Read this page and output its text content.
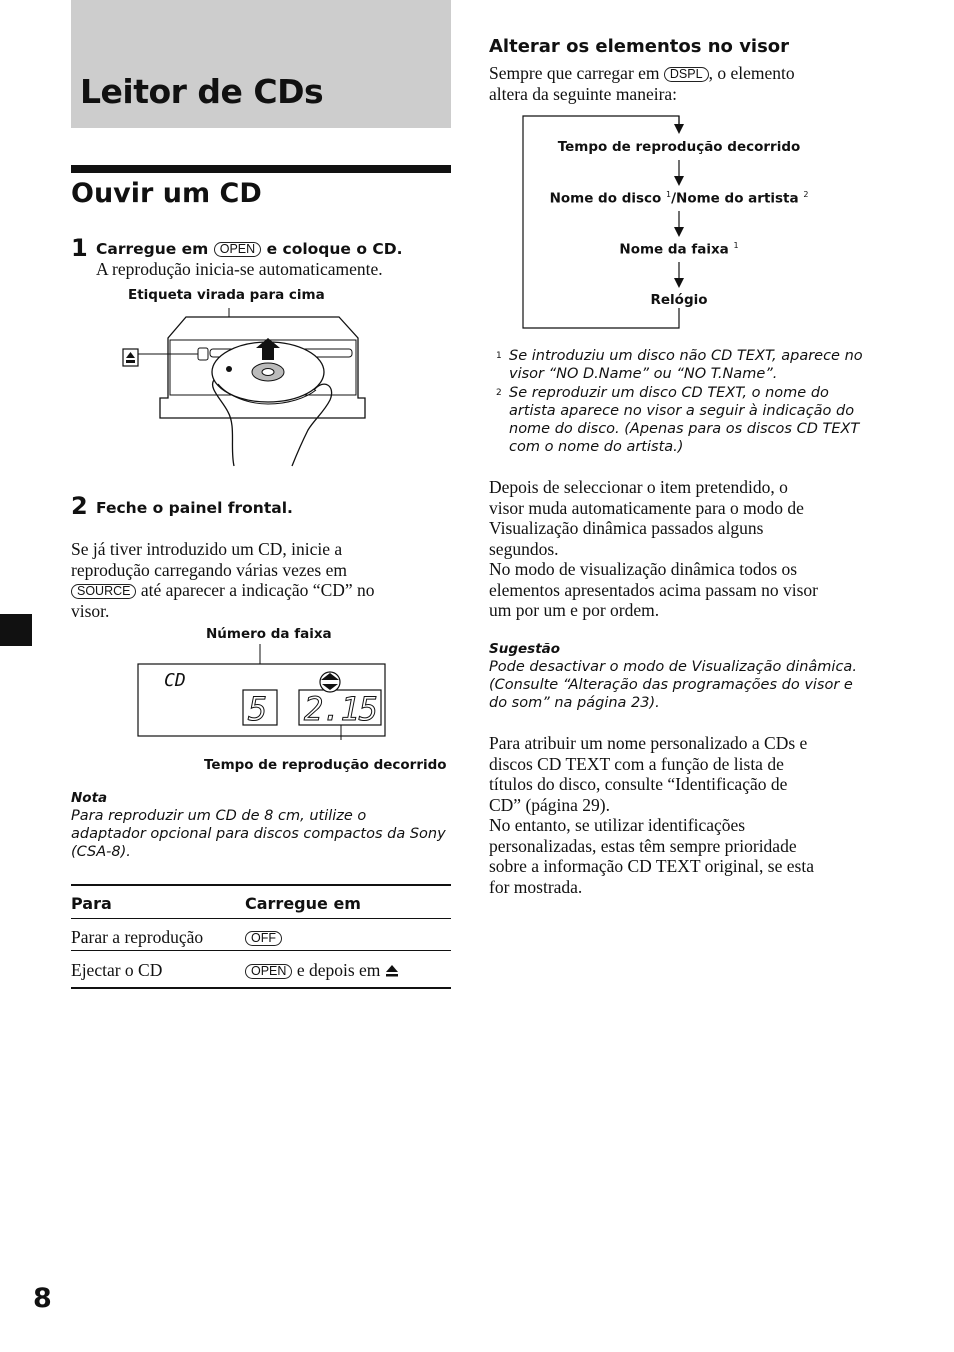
Leitor de CDs
Ouvir um CD
1 Carregue em OPEN e coloque o CD.
A reprodução inicia-se automaticamente.
Etiqueta virada para cima
2 Feche o painel frontal.
Se já tiver introduzido um CD, inicie a
reprodução carregando várias vezes em
SOURCE até aparecer a indicação “CD” no
visor.
Número da faixa
CD
5 2.15
Tempo de reprodução decorrido
Nota
Para reproduzir um CD de 8 cm, utilize o
adaptador opcional para discos compactos da Sony
(CSA-8).
Para	Carregue em
Parar a reprodução	OFF
Ejectar o CD	OPEN e depois em
Alterar os elementos no visor
Sempre que carregar em DSPL , o elemento
altera da seguinte maneira:
Tempo de reprodução decorrido
Nome do disco $^1$/Nome do artista $^2$
Nome da faixa $^1$
Relógio
1 Se introduziu um disco não CD TEXT, aparece no
visor “NO D.Name” ou “NO T.Name”.
2 Se reproduzir um disco CD TEXT, o nome do
artista aparece no visor a seguir à indicação do
nome do disco. (Apenas para os discos CD TEXT
com o nome do artista.)
Depois de seleccionar o item pretendido, o
visor muda automaticamente para o modo de
Visualização dinâmica passados alguns
segundos.
No modo de visualização dinâmica todos os
elementos apresentados acima passam no visor
um por um e por ordem.
Sugestão
Pode desactivar o modo de Visualização dinâmica.
(Consulte “Alteração das programações do visor e
do som” na página 23).
Para atribuir um nome personalizado a CDs e
discos CD TEXT com a função de lista de
títulos do disco, consulte “Identificação de
CD” (página 29).
No entanto, se utilizar identificações
personalizadas, estas têm sempre prioridade
sobre a informação CD TEXT original, se esta
for mostrada.
8
